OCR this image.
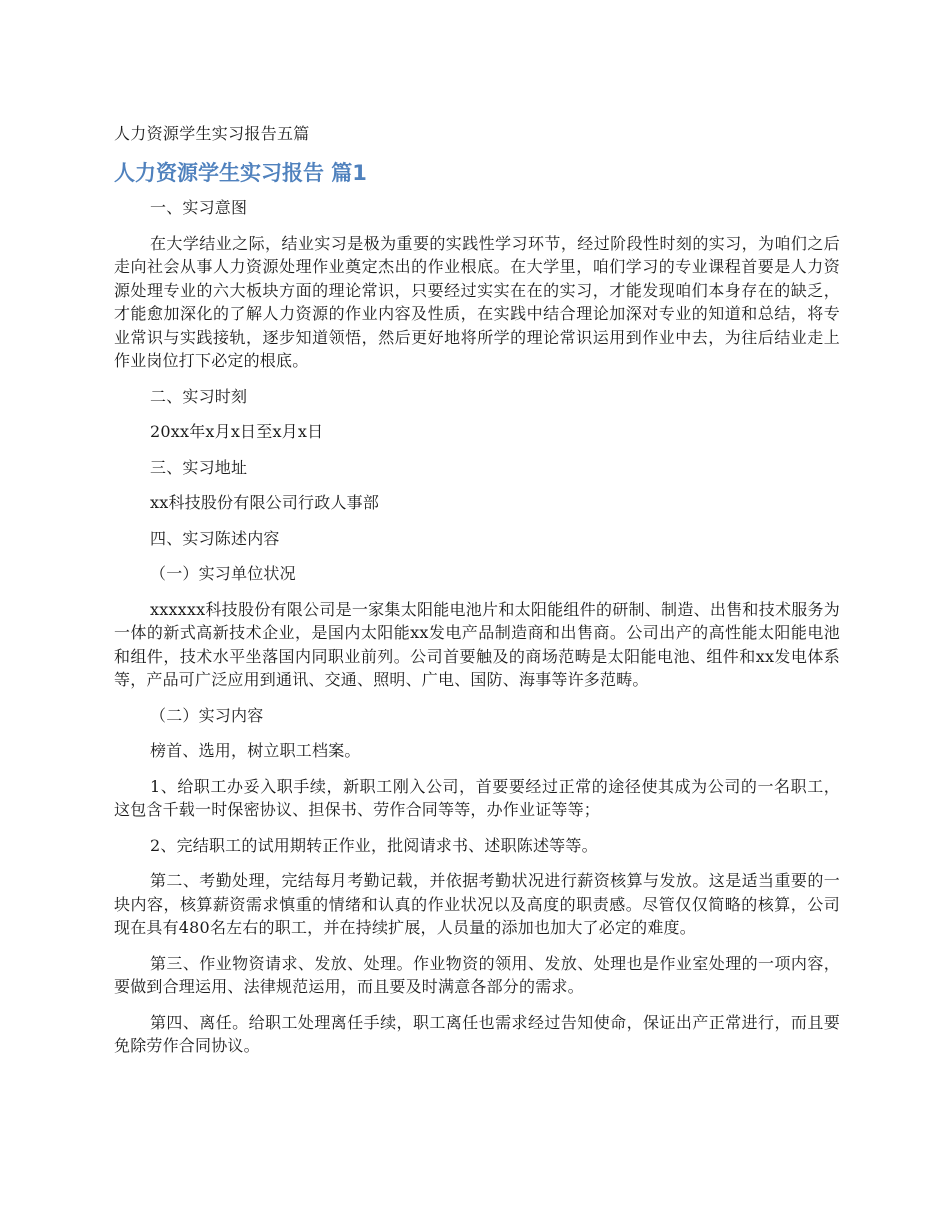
人力资源学生实习报告五篇
人力资源学生实习报告 篇1
一、实习意图
在大学结业之际，结业实习是极为重要的实践性学习环节，经过阶段性时刻的实习，为咱们之后走向社会从事人力资源处理作业奠定杰出的作业根底。在大学里，咱们学习的专业课程首要是人力资源处理专业的六大板块方面的理论常识，只要经过实实在在的实习，才能发现咱们本身存在的缺乏，才能愈加深化的了解人力资源的作业内容及性质，在实践中结合理论加深对专业的知道和总结，将专业常识与实践接轨，逐步知道领悟，然后更好地将所学的理论常识运用到作业中去，为往后结业走上作业岗位打下必定的根底。
二、实习时刻
20xx年x月x日至x月x日
三、实习地址
xx科技股份有限公司行政人事部
四、实习陈述内容
（一）实习单位状况
xxxxxx科技股份有限公司是一家集太阳能电池片和太阳能组件的研制、制造、出售和技术服务为一体的新式高新技术企业，是国内太阳能xx发电产品制造商和出售商。公司出产的高性能太阳能电池和组件，技术水平坐落国内同职业前列。公司首要触及的商场范畴是太阳能电池、组件和xx发电体系等，产品可广泛应用到通讯、交通、照明、广电、国防、海事等许多范畴。
（二）实习内容
榜首、选用，树立职工档案。
1、给职工办妥入职手续，新职工刚入公司，首要要经过正常的途径使其成为公司的一名职工，这包含千载一时保密协议、担保书、劳作合同等等，办作业证等等；
2、完结职工的试用期转正作业，批阅请求书、述职陈述等等。
第二、考勤处理，完结每月考勤记载，并依据考勤状况进行薪资核算与发放。这是适当重要的一块内容，核算薪资需求慎重的情绪和认真的作业状况以及高度的职责感。尽管仅仅简略的核算，公司现在具有480名左右的职工，并在持续扩展，人员量的添加也加大了必定的难度。
第三、作业物资请求、发放、处理。作业物资的领用、发放、处理也是作业室处理的一项内容，要做到合理运用、法律规范运用，而且要及时满意各部分的需求。
第四、离任。给职工处理离任手续，职工离任也需求经过告知使命，保证出产正常进行，而且要免除劳作合同协议。
